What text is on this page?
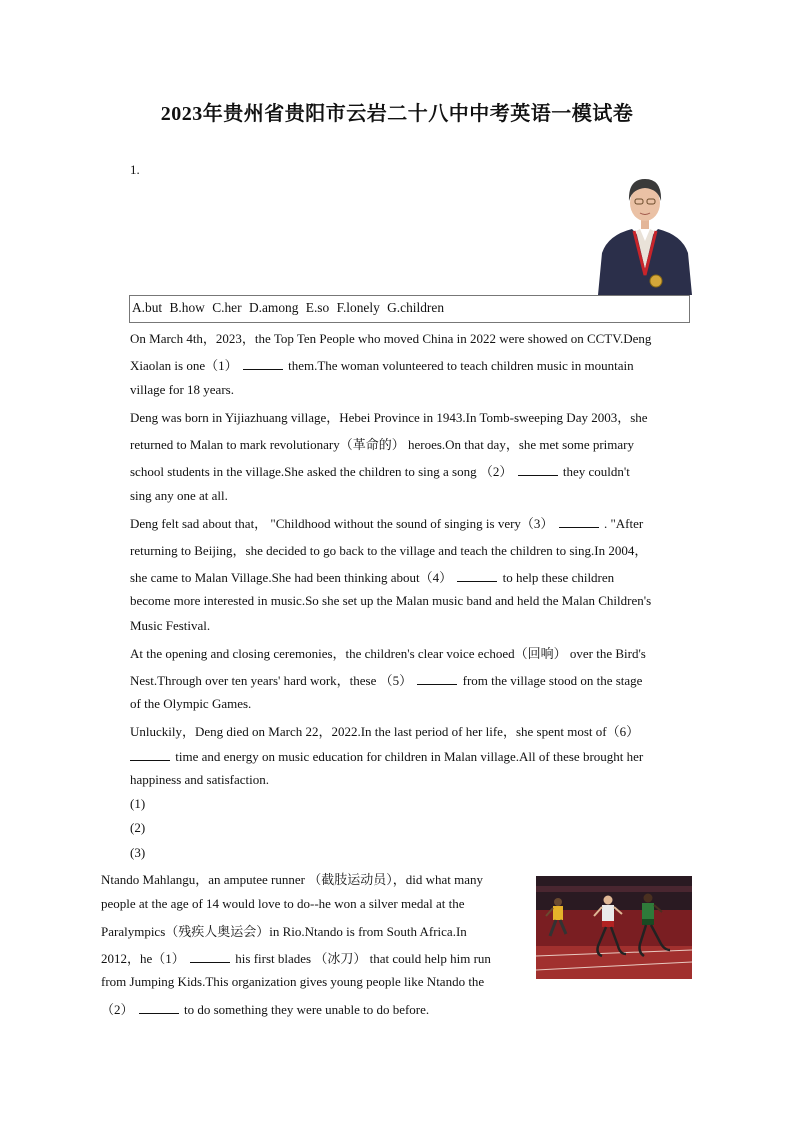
2023年贵州省贵阳市云岩二十八中中考英语一模试卷
1.
A.but B.how C.her D.among E.so F.lonely G.children
On March 4th，2023，the Top Ten People who moved China in 2022 were showed on CCTV.Deng
Xiaolan is one（1）	them.The woman volunteered to teach children music in mountain
village for 18 years.
Deng was born in Yijiazhuang village，Hebei Province in 1943.In Tomb-sweeping Day 2003，she
returned to Malan to mark revolutionary（革命的） heroes.On that day，she met some primary
school students in the village.She asked the children to sing a song （2）	they couldn't
sing any one at all.
Deng felt sad about that， "Childhood without the sound of singing is very（3）	. "After
returning to Beijing，she decided to go back to the village and teach the children to sing.In 2004，
she came to Malan Village.She had been thinking about（4）	to help these children
become more interested in music.So she set up the Malan music band and held the Malan Children's
Music Festival.
At the opening and closing ceremonies，the children's clear voice echoed（回响） over the Bird's
Nest.Through over ten years' hard work，these （5）	from the village stood on the stage
of the Olympic Games.
Unluckily，Deng died on March 22，2022.In the last period of her life，she spent most of（6）
time and energy on music education for children in Malan village.All of these brought her
happiness and satisfaction.
(1)
(2)
(3)
Ntando Mahlangu，an amputee runner （截肢运动员），did what many
people at the age of 14 would love to do--he won a silver medal at the
Paralympics（残疾人奥运会）in Rio.Ntando is from South Africa.In
2012，he（1）	his first blades （冰刀） that could help him run
from Jumping Kids.This organization gives young people like Ntando the
（2）	to do something they were unable to do before.
